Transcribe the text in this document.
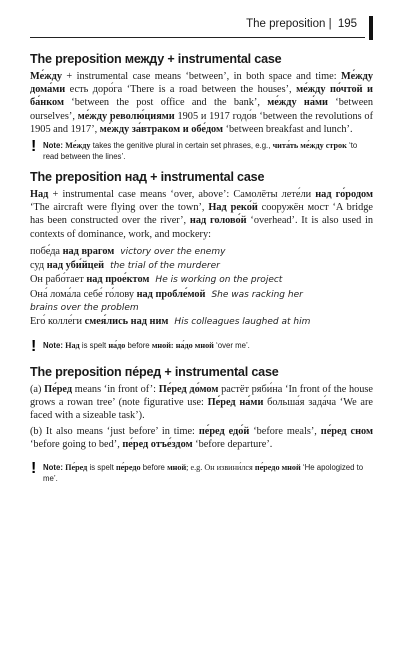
The preposition | 195
The preposition между + instrumental case

Ме́жду + instrumental case means ‘between’, in both space and time: Ме́жду дома́ми есть доро́га ‘There is a road between the houses’, ме́жду по́чтой и ба́нком ‘between the post office and the bank’, ме́жду на́ми ‘between ourselves’, ме́жду револю́циями 1905 и 1917 годо́в ‘between the revolutions of 1905 and 1917’, ме́жду за́втраком и обе́дом ‘between breakfast and lunch’.

! Note: Ме́жду takes the genitive plural in certain set phrases, e.g., чита́ть ме́жду строк ‘to read between the lines’.
The preposition над + instrumental case

Над + instrumental case means ‘over, above’: Самолёты лете́ли над го́родом ‘The aircraft were flying over the town’, Над реко́й сооружён мост ‘A bridge has been constructed over the river’, над голово́й ‘overhead’. It is also used in contexts of dominance, work, and mockery:

побе́да над врагом victory over the enemy
суд над уби́йцей the trial of the murderer
Он рабо́тает над прое́ктом He is working on the project
Она́ лома́ла себе́ го́лову над пробле́мой She was racking her
brains over the problem
Его́ колле́ги смея́лись над ним His colleagues laughed at him
! Note: Над is spelt на́до before мной: на́до мной ‘over me’.
The preposition пе́ред + instrumental case

(a) Пе́ред means ‘in front of’: Пе́ред до́мом растёт ряби́на ‘In front of the house grows a rowan tree’ (note figurative use: Пе́ред на́ми больша́я зада́ча ‘We are faced with a sizeable task’).

(b) It also means ‘just before’ in time: пе́ред едо́й ‘before meals’, пе́ред сном ‘before going to bed’, пе́ред отъе́здом ‘before departure’.

! Note: Пе́ред is spelt пе́редо before мной; e.g. Он извини́лся пе́редо мной ‘He apologized to me’.
